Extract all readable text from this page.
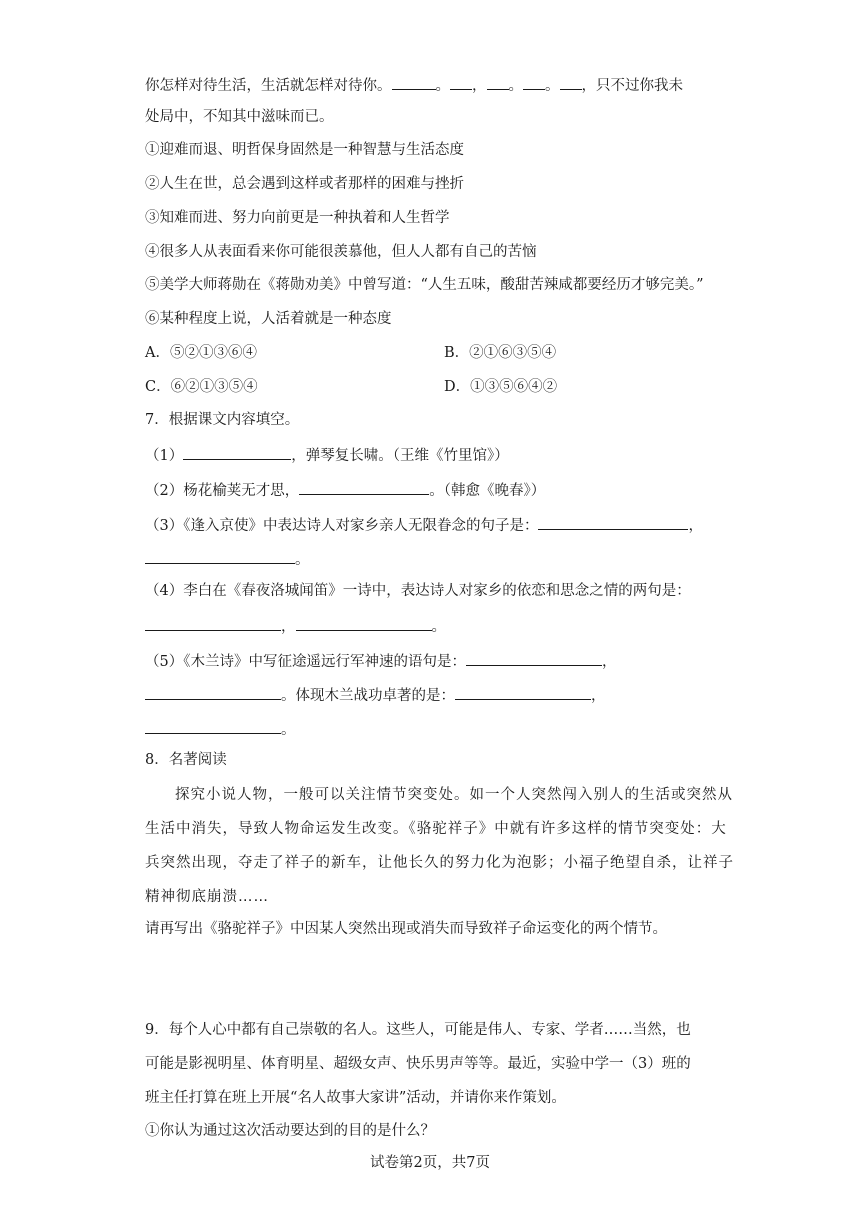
你怎样对待生活，生活就怎样对待你。	。 ， 。 。 ，只不过你我未
处局中，不知其中滋味而已。
①迎难而退、明哲保身固然是一种智慧与生活态度
②人生在世，总会遇到这样或者那样的困难与挫折
③知难而进、努力向前更是一种执着和人生哲学
④很多人从表面看来你可能很羡慕他，但人人都有自己的苦恼
⑤美学大师蒋勋在《蒋勋劝美》中曾写道：“人生五味，酸甜苦辣咸都要经历才够完美。”
⑥某种程度上说，人活着就是一种态度
A．⑤②①③⑥④	B．②①⑥③⑤④
C．⑥②①③⑤④	D．①③⑤⑥④②
7．根据课文内容填空。
（1）	，弹琴复长啸。（王维《竹里馆》）
（2）杨花榆荚无才思，	。（韩愈《晚春》）
（3）《逢入京使》中表达诗人对家乡亲人无限眷念的句子是：	，
。
（4）李白在《春夜洛城闻笛》一诗中，表达诗人对家乡的依恋和思念之情的两句是：
，	。
（5）《木兰诗》中写征途遥远行军神速的语句是：	，
。体现木兰战功卓著的是：	，
。
8．名著阅读
探究小说人物，一般可以关注情节突变处。如一个人突然闯入别人的生活或突然从
生活中消失，导致人物命运发生改变。《骆驼祥子》中就有许多这样的情节突变处：大
兵突然出现，夺走了祥子的新车，让他长久的努力化为泡影；小福子绝望自杀，让祥子
精神彻底崩溃……
请再写出《骆驼祥子》中因某人突然出现或消失而导致祥子命运变化的两个情节。
9．每个人心中都有自己崇敬的名人。这些人，可能是伟人、专家、学者……当然，也
可能是影视明星、体育明星、超级女声、快乐男声等等。最近，实验中学一（3）班的
班主任打算在班上开展“名人故事大家讲”活动，并请你来作策划。
①你认为通过这次活动要达到的目的是什么？
试卷第2页，共7页
